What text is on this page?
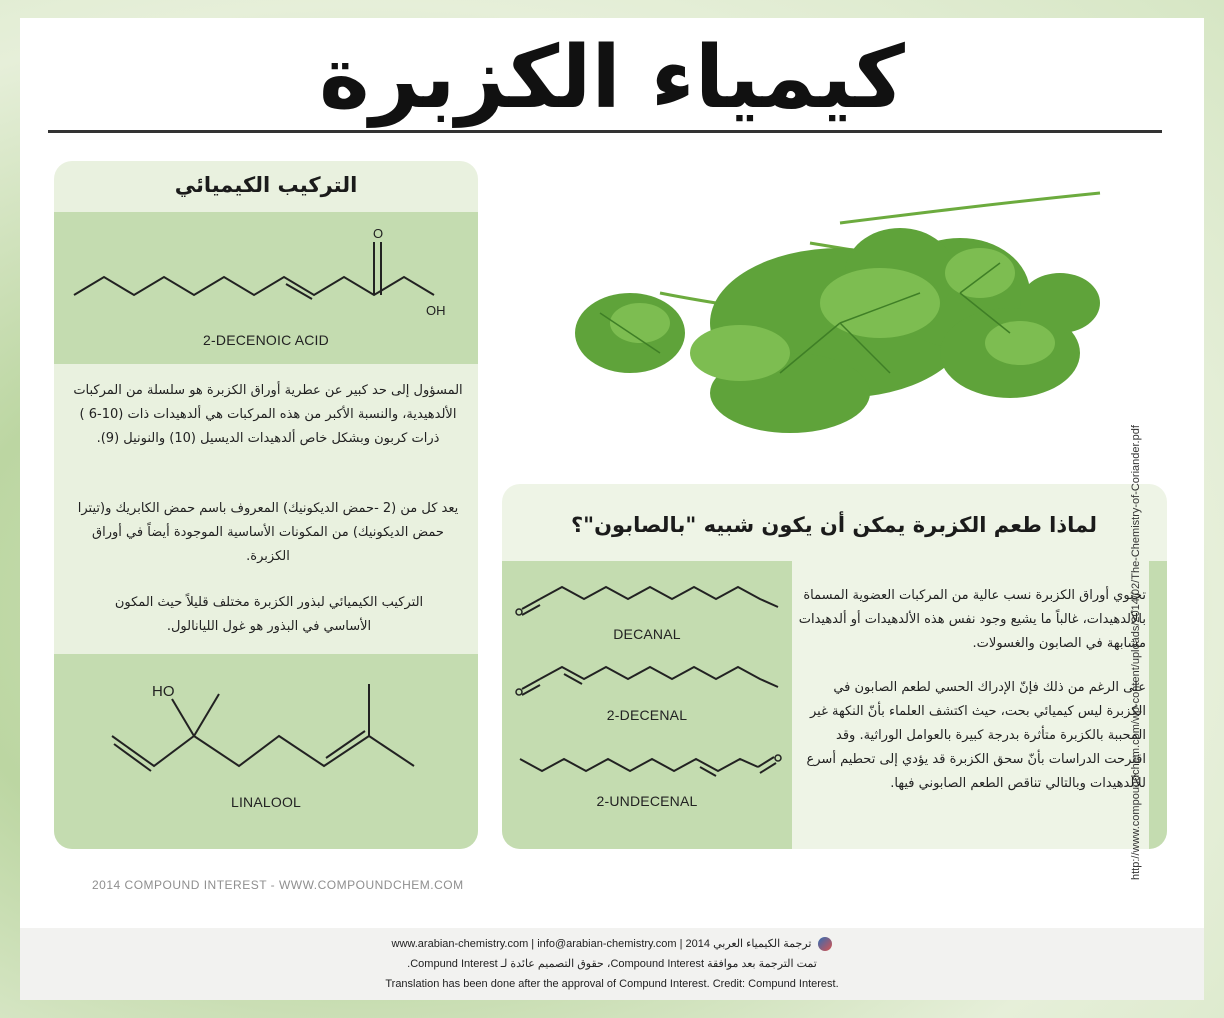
كيمياء الكزبرة
التركيب الكيميائي
O
OH
2-DECENOIC ACID
المسؤول إلى حد كبير عن عطرية أوراق الكزبرة هو سلسلة من المركبات الألدهيدية، والنسبة الأكبر من هذه المركبات هي ألدهيدات ذات (10-6 ) ذرات كربون وبشكل خاص ألدهيدات الديسيل (10) والنونيل (9).
يعد كل من (2 -حمض الديكونيك) المعروف باسم حمض الكابريك و(تيترا حمض الديكونيك) من المكونات الأساسية الموجودة أيضاً في أوراق الكزبرة.
التركيب الكيميائي لبذور الكزبرة مختلف قليلاً حيث المكون الأساسي في البذور هو غول الليانالول.
HO
LINALOOL
لماذا طعم الكزبرة يمكن أن يكون شبيه "بالصابون"؟
DECANAL
2-DECENAL
2-UNDECENAL
تحتوي أوراق الكزبرة نسب عالية من المركبات العضوية المسماة بالألدهيدات، غالباً ما يشيع وجود نفس هذه الألدهيدات أو ألدهيدات مشابهة في الصابون والغسولات.
على الرغم من ذلك فإنّ الإدراك الحسي لطعم الصابون في الكزبرة ليس كيميائي بحت، حيث اكتشف العلماء بأنّ النكهة غير المحببة بالكزبرة متأثرة بدرجة كبيرة بالعوامل الوراثية. وقد اقترحت الدراسات بأنّ سحق الكزبرة قد يؤدي إلى تحطيم أسرع للألدهيدات وبالتالي تناقص الطعم الصابوني فيها.
2014 COMPOUND INTEREST - WWW.COMPOUNDCHEM.COM
www.arabian-chemistry.com | info@arabian-chemistry.com | ترجمة الكيمياء العربي 2014
تمت الترجمة بعد موافقة Compound Interest، حقوق التصميم عائدة لـ Compund Interest.
Translation has been done after the approval of Compund Interest. Credit: Compund Interest.
http://www.compoundchem.com/wp-content/uploads/2014/02/The-Chemistry-of-Coriander.pdf
